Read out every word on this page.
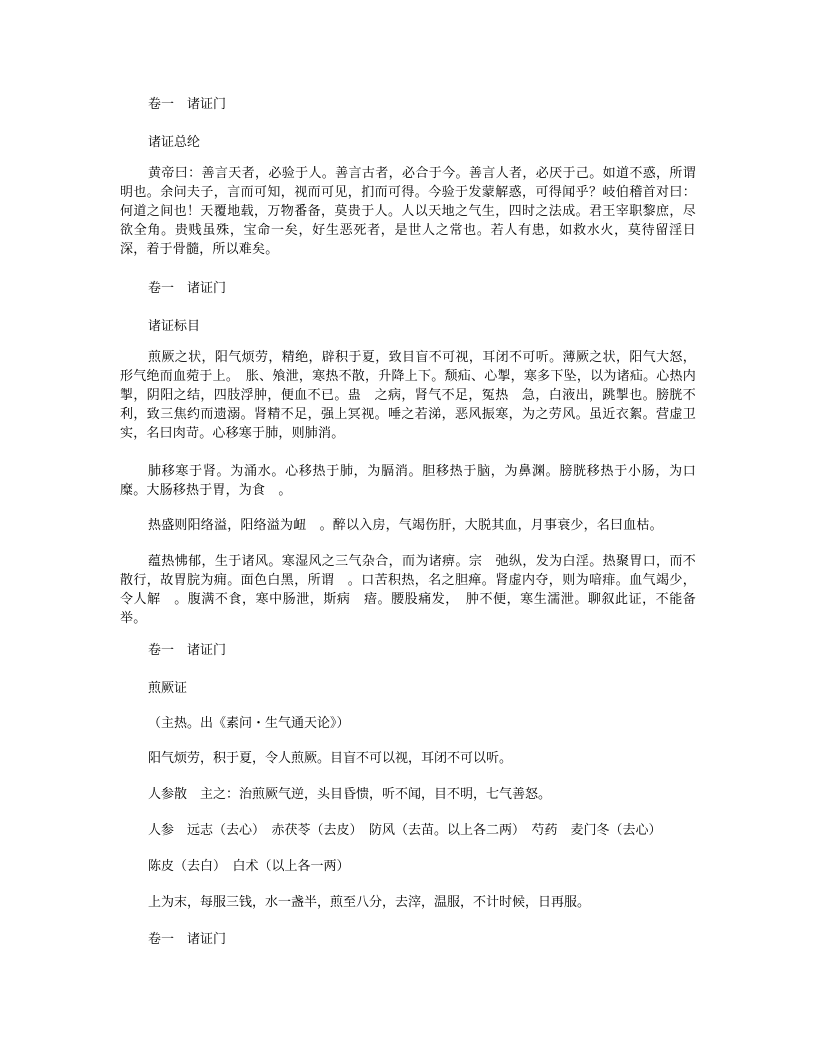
卷一　诸证门
诸证总纶
黄帝曰：善言天者，必验于人。善言古者，必合于今。善言人者，必厌于己。如道不惑，所谓明也。余问夫子，言而可知，视而可见，扪而可得。今验于发蒙解惑，可得闻乎？岐伯稽首对曰：何道之间也！天覆地载，万物番备，莫贵于人。人以天地之气生，四时之法成。君王宰职黎庶，尽欲全角。贵贱虽殊，宝命一矣，好生恶死者，是世人之常也。若人有患，如救水火，莫待留淫日深，着于骨髓，所以难矣。
卷一　诸证门
诸证标目
煎厥之状，阳气烦劳，精绝，辟积于夏，致目盲不可视，耳闭不可听。薄厥之状，阳气大怒，形气绝而血菀于上。　胀、飧泄，寒热不散，升降上下。颓疝、心掣，寒多下坠，以为诸疝。心热内掣，阴阳之结，四肢浮肿，便血不已。蛊　之病，肾气不足，冤热　急，白液出，跳掣也。膀胱不利，致三焦约而遗溺。肾精不足，强上冥视。唾之若涕，恶风振寒，为之劳风。虽近衣絮。营虚卫实，名曰肉苛。心移寒于肺，则肺消。
肺移寒于肾。为涌水。心移热于肺，为膈消。胆移热于脑，为鼻渊。膀胱移热于小肠，为口糜。大肠移热于胃，为食　。
热盛则阳络溢，阳络溢为衄　。醉以入房，气竭伤肝，大脱其血，月事衰少，名曰血枯。
蕴热怫郁，生于诸风。寒湿风之三气杂合，而为诸痹。宗　弛纵，发为白淫。热聚胃口，而不散行，故胃脘为痈。面色白黑，所谓　。口苦积热，名之胆瘅。肾虚内夺，则为喑痱。血气竭少，令人解　。腹满不食，寒中肠泄，斯病　瘖。腰股痛发，　肿不便，寒生濡泄。聊叙此证，不能备举。
卷一　诸证门
煎厥证
（主热。出《素问・生气通天论》）
阳气烦劳，积于夏，令人煎厥。目盲不可以视，耳闭不可以听。
人参散　主之：治煎厥气逆，头目昏愦，听不闻，目不明，七气善怒。
人参　远志（去心）　赤茯苓（去皮）　防风（去苗。以上各二两）　芍药　麦门冬（去心）
陈皮（去白）　白术（以上各一两）
上为末，每服三钱，水一盏半，煎至八分，去滓，温服，不计时候，日再服。
卷一　诸证门
